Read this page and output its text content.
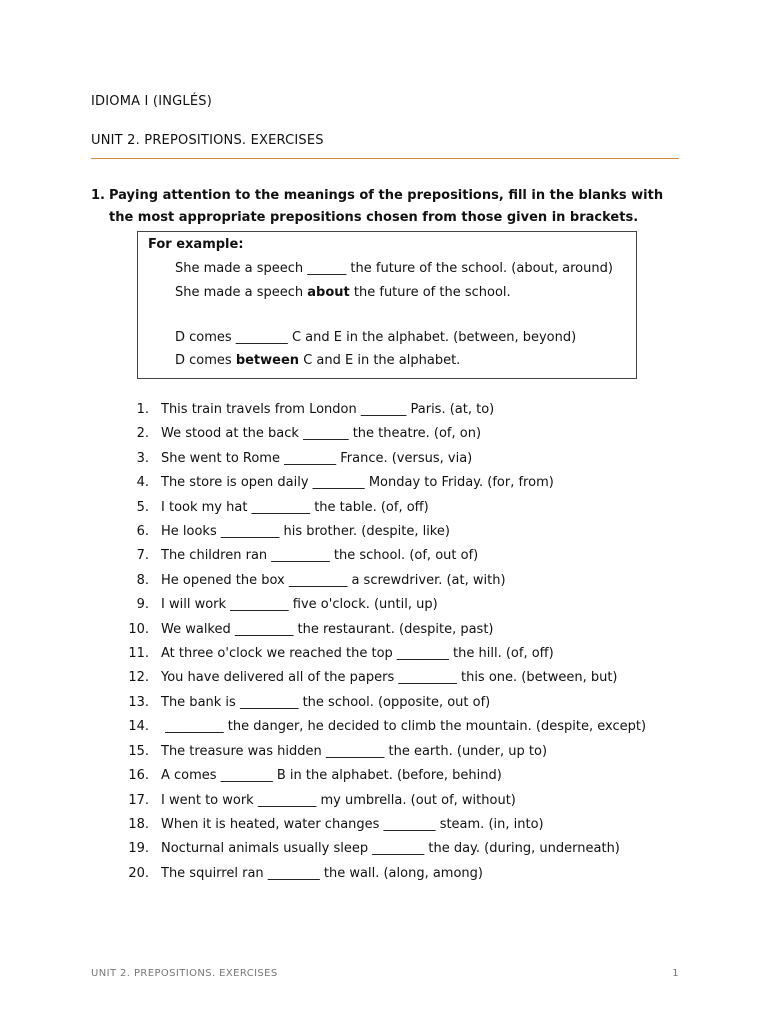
IDIOMA I (INGLÉS)
UNIT 2. PREPOSITIONS. EXERCISES
1. Paying attention to the meanings of the prepositions, fill in the blanks with the most appropriate prepositions chosen from those given in brackets.
For example:
She made a speech ______ the future of the school. (about, around)
She made a speech about the future of the school.
D comes ________ C and E in the alphabet. (between, beyond)
D comes between C and E in the alphabet.
1. This train travels from London _______ Paris. (at, to)
2. We stood at the back _______ the theatre. (of, on)
3. She went to Rome ________ France. (versus, via)
4. The store is open daily ________ Monday to Friday. (for, from)
5. I took my hat _________ the table. (of, off)
6. He looks _________ his brother. (despite, like)
7. The children ran _________ the school. (of, out of)
8. He opened the box _________ a screwdriver. (at, with)
9. I will work _________ five o'clock. (until, up)
10. We walked _________ the restaurant. (despite, past)
11. At three o'clock we reached the top ________ the hill. (of, off)
12. You have delivered all of the papers _________ this one. (between, but)
13. The bank is _________ the school. (opposite, out of)
14. _________ the danger, he decided to climb the mountain. (despite, except)
15. The treasure was hidden _________ the earth. (under, up to)
16. A comes ________ B in the alphabet. (before, behind)
17. I went to work _________ my umbrella. (out of, without)
18. When it is heated, water changes ________ steam. (in, into)
19. Nocturnal animals usually sleep ________ the day. (during, underneath)
20. The squirrel ran ________ the wall. (along, among)
UNIT 2. PREPOSITIONS. EXERCISES	1
